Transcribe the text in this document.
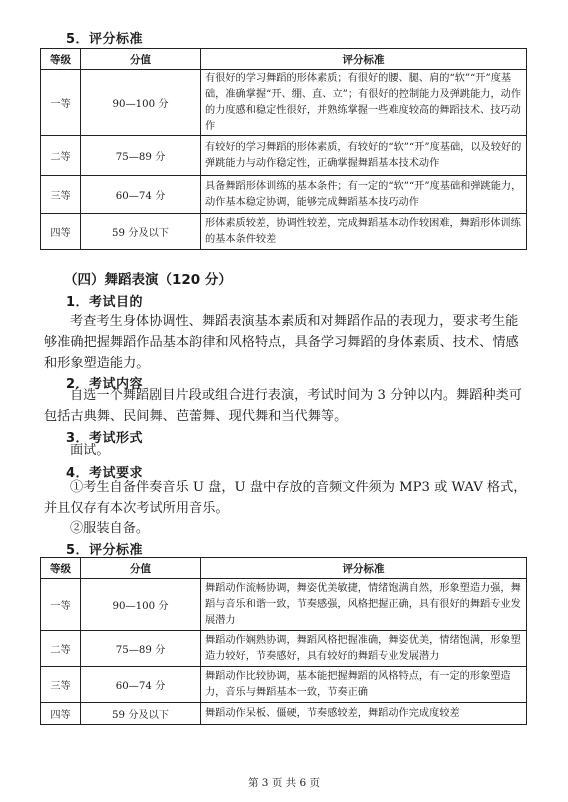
5．评分标准
等级	分值	评分标准
一等	90—100 分	有很好的学习舞蹈的形体素质；有很好的腰、腿、肩的“软”“开”度基础，准确掌握“开、绷、直、立”；有很好的控制能力及弹跳能力，动作的力度感和稳定性很好，并熟练掌握一些难度较高的舞蹈技术、技巧动作
二等	75—89 分	有较好的学习舞蹈的形体素质，有较好的“软”“开”度基础，以及较好的弹跳能力与动作稳定性，正确掌握舞蹈基本技术动作
三等	60—74 分	具备舞蹈形体训练的基本条件；有一定的“软”“开”度基础和弹跳能力，动作基本稳定协调，能够完成舞蹈基本技巧动作
四等	59 分及以下	形体素质较差，协调性较差，完成舞蹈基本动作较困难，舞蹈形体训练的基本条件较差
（四）舞蹈表演（120 分）
1．考试目的

考查考生身体协调性、舞蹈表演基本素质和对舞蹈作品的表现力，要求考生能够准确把握舞蹈作品基本韵律和风格特点，具备学习舞蹈的身体素质、技术、情感和形象塑造能力。

2．考试内容

自选一个舞蹈剧目片段或组合进行表演，考试时间为 3 分钟以内。舞蹈种类可包括古典舞、民间舞、芭蕾舞、现代舞和当代舞等。

3．考试形式

面试。

4．考试要求

①考生自备伴奏音乐 U 盘，U 盘中存放的音频文件须为 MP3 或 WAV 格式，并且仅存有本次考试所用音乐。

②服装自备。

5．评分标准
等级	分值	评分标准
一等	90—100 分	舞蹈动作流畅协调，舞姿优美敏捷，情绪饱满自然，形象塑造力强，舞蹈与音乐和谐一致，节奏感强，风格把握正确，具有很好的舞蹈专业发展潜力
二等	75—89 分	舞蹈动作娴熟协调，舞蹈风格把握准确，舞姿优美，情绪饱满，形象塑造力较好，节奏感好，具有较好的舞蹈专业发展潜力
三等	60—74 分	舞蹈动作比较协调，基本能把握舞蹈的风格特点，有一定的形象塑造力，音乐与舞蹈基本一致，节奏正确
四等	59 分及以下	舞蹈动作呆板、僵硬，节奏感较差，舞蹈动作完成度较差
第 3 页 共 6 页
